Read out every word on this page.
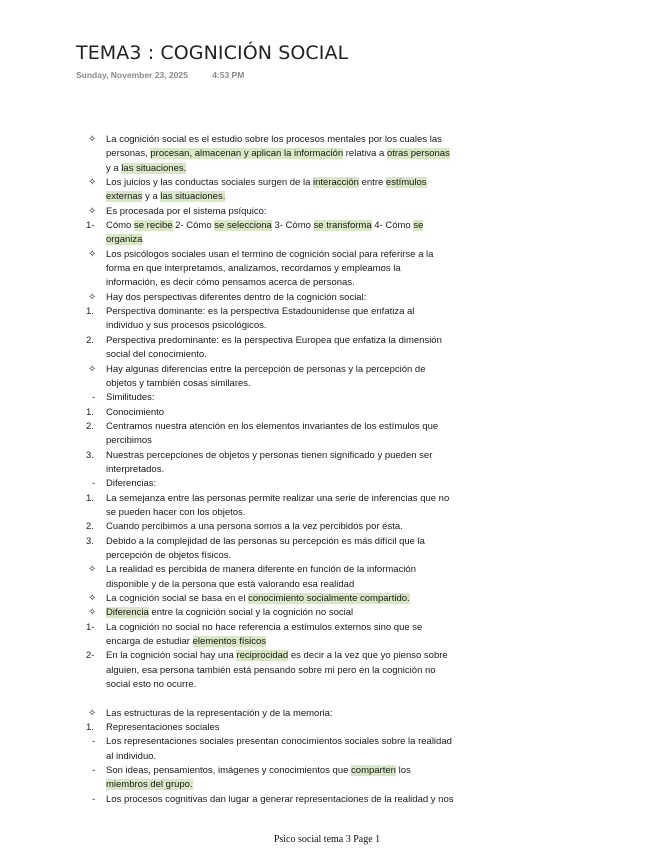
TEMA3 : COGNICIÓN SOCIAL
Sunday, November 23, 2025	4:53 PM
✧	La cognición social es el estudio sobre los procesos mentales por los cuales las
personas, procesan, almacenan y aplican la información relativa a otras personas
y a las situaciones.
✧	Los juicios y las conductas sociales surgen de la interacción entre estímulos
externas y a las situaciones.
✧	Es procesada por el sistema psíquico:
1-	Cómo se recibe 2- Cómo se selecciona 3- Cómo se transforma 4- Cómo se
organiza
✧	Los psicólogos sociales usan el termino de cognición social para referirse a la
forma en que interpretamos, analizamos, recordamos y empleamos la
información, es decir cómo pensamos acerca de personas.
✧	Hay dos perspectivas diferentes dentro de la cognición social:
1.	Perspectiva dominante: es la perspectiva Estadounidense que enfatiza al
individuo y sus procesos psicológicos.
2.	Perspectiva predominante: es la perspectiva Europea que enfatiza la dimensión
social del conocimiento.
✧	Hay algunas diferencias entre la percepción de personas y la percepción de
objetos y también cosas similares.
-	Similitudes:
1.	Conocimiento
2.	Centramos nuestra atención en los elementos invariantes de los estímulos que
percibimos
3.	Nuestras percepciones de objetos y personas tienen significado y pueden ser
interpretados.
-	Diferencias:
1.	La semejanza entre las personas permite realizar una serie de inferencias que no
se pueden hacer con los objetos.
2.	Cuando percibimos a una persona somos a la vez percibidos por ésta.
3.	Debido a la complejidad de las personas su percepción es más difícil que la
percepción de objetos físicos.
✧	La realidad es percibida de manera diferente en función de la información
disponible y de la persona que está valorando esa realidad
✧	La cognición social se basa en el conocimiento socialmente compartido.
✧	Diferencia entre la cognición social y la cognición no social
1-	La cognición no social no hace referencia a estímulos externos sino que se
encarga de estudiar elementos físicos
2-	En la cognición social hay una reciprocidad es decir a la vez que yo pienso sobre
alguien, esa persona también está pensando sobre mi pero en la cognición no
social esto no ocurre.
✧	Las estructuras de la representación y de la memoria:
1.	Representaciones sociales
-	Los representaciones sociales presentan conocimientos sociales sobre la realidad
al individuo.
-	Son ideas, pensamientos, imágenes y conocimientos que comparten los
miembros del grupo.
-	Los procesos cognitivas dan lugar a generar representaciones de la realidad y nos
Psico social tema 3 Page 1
